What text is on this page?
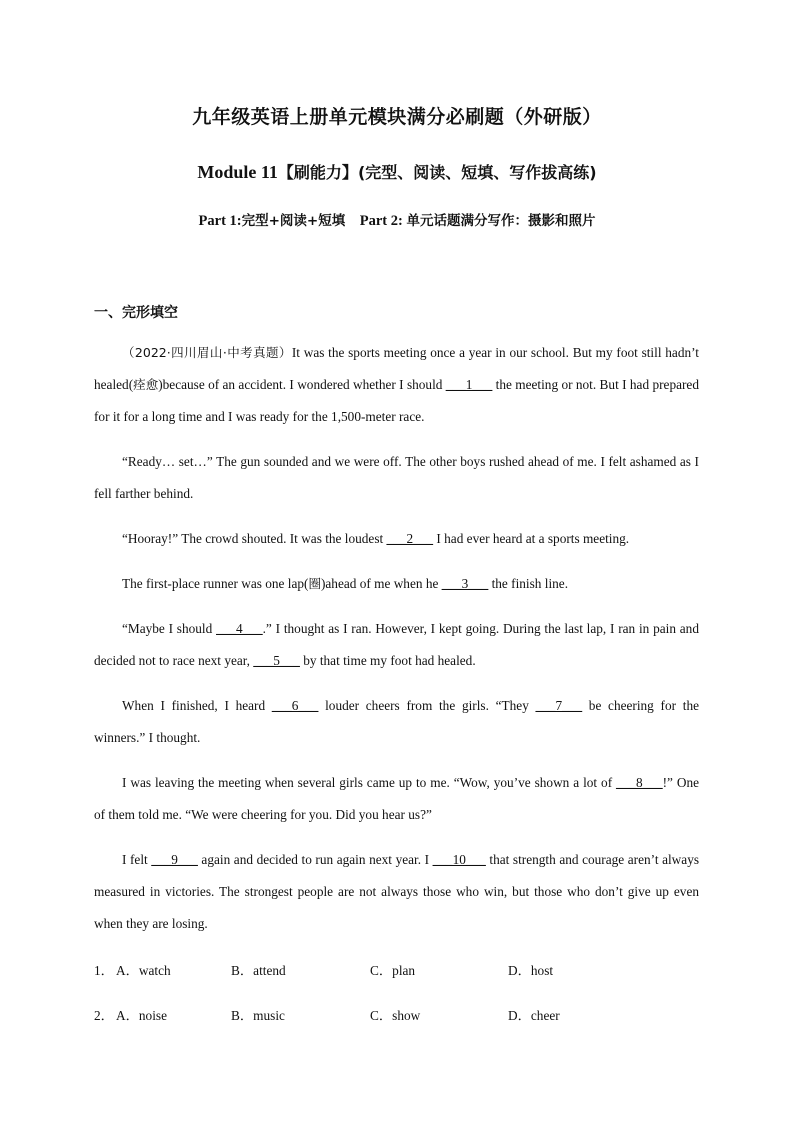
九年级英语上册单元模块满分必刷题（外研版）
Module 11【刷能力】(完型、阅读、短填、写作拔高练)
Part 1:完型+阅读+短填 Part 2: 单元话题满分写作：摄影和照片
一、完形填空
（2022·四川眉山·中考真题）It was the sports meeting once a year in our school. But my foot still hadn’t healed(痊愈)because of an accident. I wondered whether I should ___1___ the meeting or not. But I had prepared for it for a long time and I was ready for the 1,500-meter race.
“Ready… set…” The gun sounded and we were off. The other boys rushed ahead of me. I felt ashamed as I fell farther behind.
“Hooray!” The crowd shouted. It was the loudest ___2___ I had ever heard at a sports meeting.
The first-place runner was one lap(圈)ahead of me when he ___3___ the finish line.
“Maybe I should ___4___.” I thought as I ran. However, I kept going. During the last lap, I ran in pain and decided not to race next year, ___5___ by that time my foot had healed.
When I finished, I heard ___6___ louder cheers from the girls. “They ___7___ be cheering for the winners.” I thought.
I was leaving the meeting when several girls came up to me. “Wow, you’ve shown a lot of ___8___!” One of them told me. “We were cheering for you. Did you hear us?”
I felt ___9___ again and decided to run again next year. I ___10___ that strength and courage aren’t always measured in victories. The strongest people are not always those who win, but those who don’t give up even when they are losing.
1． A．watch	B．attend	C．plan	D．host
2． A．noise	B．music	C．show	D．cheer
